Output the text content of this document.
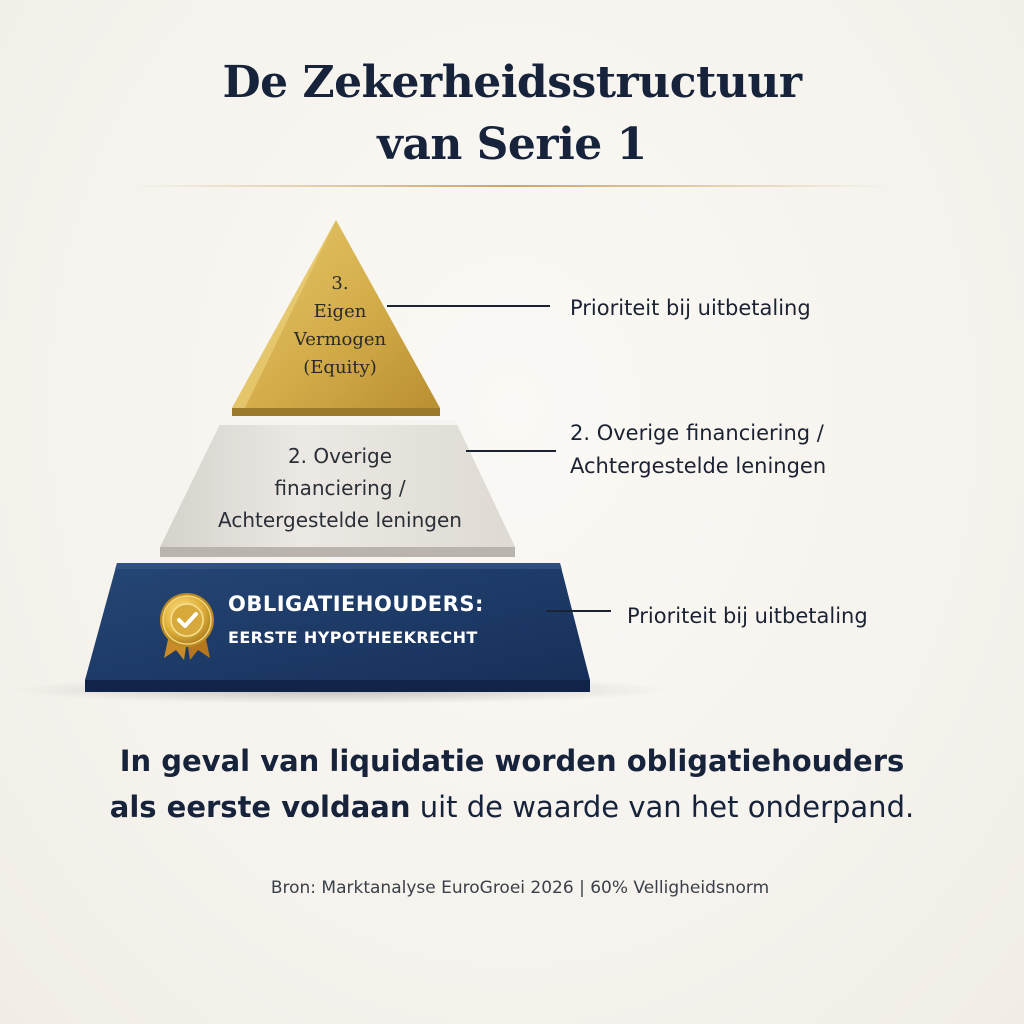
De Zekerheidsstructuur
van Serie 1
3.
Eigen
Vermogen
(Equity)
2. Overige
financiering /
Achtergestelde leningen
OBLIGATIEHOUDERS:
EERSTE HYPOTHEEKRECHT
Prioriteit bij uitbetaling
2. Overige financiering /
Achtergestelde leningen
Prioriteit bij uitbetaling
In geval van liquidatie worden obligatiehouders
als eerste voldaan uit de waarde van het onderpand.
Bron: Marktanalyse EuroGroei 2026 | 60% Velligheidsnorm
